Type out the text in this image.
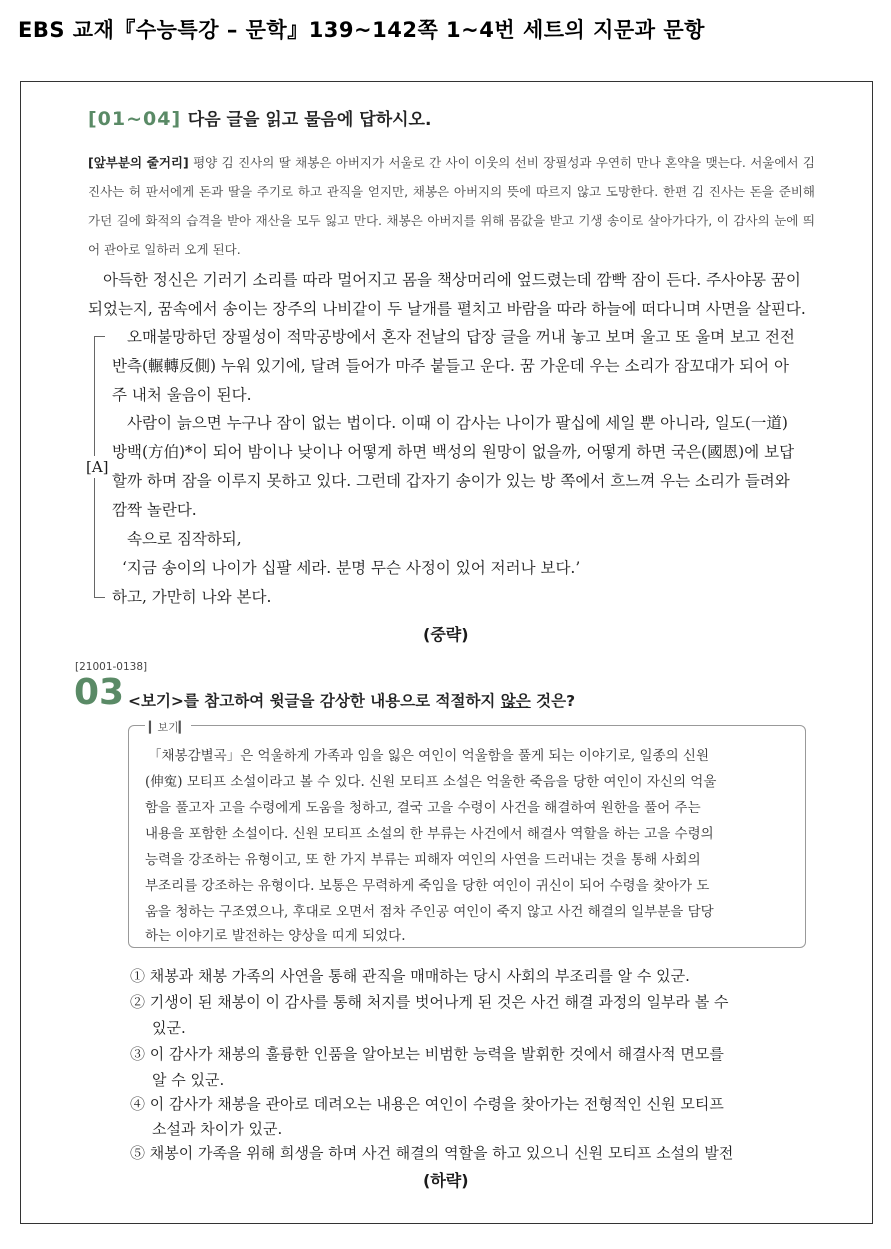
EBS 교재『수능특강 – 문학』139~142쪽 1~4번 세트의 지문과 문항
[01~04] 다음 글을 읽고 물음에 답하시오.
[앞부분의 줄거리] 평양 김 진사의 딸 채봉은 아버지가 서울로 간 사이 이웃의 선비 장필성과 우연히 만나 혼약을 맺는다. 서울에서 김 진사는 허 판서에게 돈과 딸을 주기로 하고 관직을 얻지만, 채봉은 아버지의 뜻에 따르지 않고 도망한다. 한편 김 진사는 돈을 준비해 가던 길에 화적의 습격을 받아 재산을 모두 잃고 만다. 채봉은 아버지를 위해 몸값을 받고 기생 송이로 살아가다가, 이 감사의 눈에 띄어 관아로 일하러 오게 된다.
아득한 정신은 기러기 소리를 따라 멀어지고 몸을 책상머리에 엎드렸는데 깜빡 잠이 든다. 주사야몽 꿈이
되었는지, 꿈속에서 송이는 장주의 나비같이 두 날개를 펼치고 바람을 따라 하늘에 떠다니며 사면을 살핀다.
오매불망하던 장필성이 적막공방에서 혼자 전날의 답장 글을 꺼내 놓고 보며 울고 또 울며 보고 전전
반측(輾轉反側) 누워 있기에, 달려 들어가 마주 붙들고 운다. 꿈 가운데 우는 소리가 잠꼬대가 되어 아
주 내처 울음이 된다.
사람이 늙으면 누구나 잠이 없는 법이다. 이때 이 감사는 나이가 팔십에 세일 뿐 아니라, 일도(一道)
방백(方伯)*이 되어 밤이나 낮이나 어떻게 하면 백성의 원망이 없을까, 어떻게 하면 국은(國恩)에 보답
할까 하며 잠을 이루지 못하고 있다. 그런데 갑자기 송이가 있는 방 쪽에서 흐느껴 우는 소리가 들려와
깜짝 놀란다.
속으로 짐작하되,
‘지금 송이의 나이가 십팔 세라. 분명 무슨 사정이 있어 저러나 보다.’
하고, 가만히 나와 본다.
[A]
(중략)
[21001-0138]
03 <보기>를 참고하여 윗글을 감상한 내용으로 적절하지 않은 것은?
▎보기▎
「채봉감별곡」은 억울하게 가족과 임을 잃은 여인이 억울함을 풀게 되는 이야기로, 일종의 신원
(伸寃) 모티프 소설이라고 볼 수 있다. 신원 모티프 소설은 억울한 죽음을 당한 여인이 자신의 억울
함을 풀고자 고을 수령에게 도움을 청하고, 결국 고을 수령이 사건을 해결하여 원한을 풀어 주는
내용을 포함한 소설이다. 신원 모티프 소설의 한 부류는 사건에서 해결사 역할을 하는 고을 수령의
능력을 강조하는 유형이고, 또 한 가지 부류는 피해자 여인의 사연을 드러내는 것을 통해 사회의
부조리를 강조하는 유형이다. 보통은 무력하게 죽임을 당한 여인이 귀신이 되어 수령을 찾아가 도
움을 청하는 구조였으나, 후대로 오면서 점차 주인공 여인이 죽지 않고 사건 해결의 일부분을 담당
하는 이야기로 발전하는 양상을 띠게 되었다.
① 채봉과 채봉 가족의 사연을 통해 관직을 매매하는 당시 사회의 부조리를 알 수 있군.
② 기생이 된 채봉이 이 감사를 통해 처지를 벗어나게 된 것은 사건 해결 과정의 일부라 볼 수
있군.
③ 이 감사가 채봉의 훌륭한 인품을 알아보는 비범한 능력을 발휘한 것에서 해결사적 면모를
알 수 있군.
④ 이 감사가 채봉을 관아로 데려오는 내용은 여인이 수령을 찾아가는 전형적인 신원 모티프
소설과 차이가 있군.
⑤ 채봉이 가족을 위해 희생을 하며 사건 해결의 역할을 하고 있으니 신원 모티프 소설의 발전
(하략)
